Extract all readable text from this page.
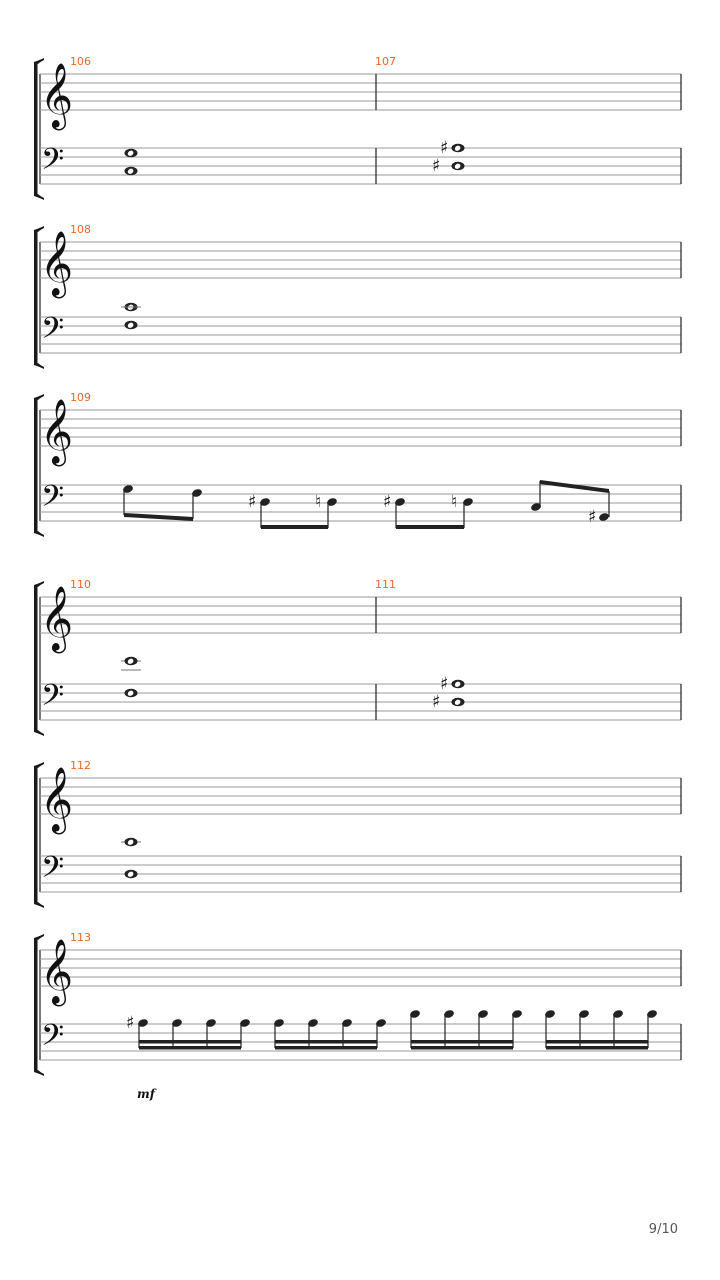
𝄞
𝄢
106	107
♯
♯
𝄞
𝄢
108
𝄞
𝄢
109
♯	♮	♯	♮
♯
𝄞
𝄢
110	111
♯
♯
𝄞
𝄢
112
𝄞
𝄢
113
♯
mf
9/10
